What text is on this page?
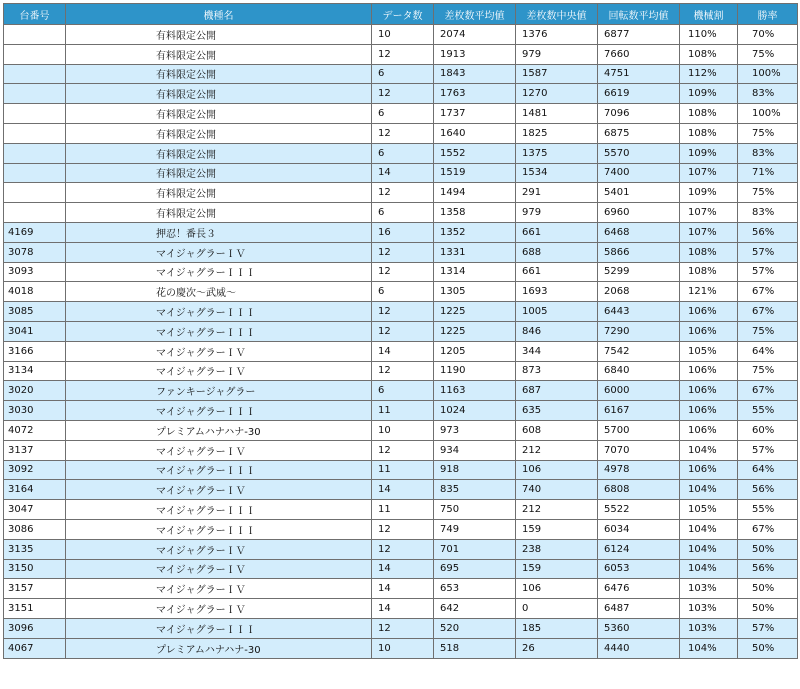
台番号	機種名	データ数	差枚数平均値	差枚数中央値	回転数平均値	機械割	勝率
	有料限定公開	10	2074	1376	6877	110%	70%
	有料限定公開	12	1913	979	7660	108%	75%
	有料限定公開	6	1843	1587	4751	112%	100%
	有料限定公開	12	1763	1270	6619	109%	83%
	有料限定公開	6	1737	1481	7096	108%	100%
	有料限定公開	12	1640	1825	6875	108%	75%
	有料限定公開	6	1552	1375	5570	109%	83%
	有料限定公開	14	1519	1534	7400	107%	71%
	有料限定公開	12	1494	291	5401	109%	75%
	有料限定公開	6	1358	979	6960	107%	83%
4169	押忍！番長３	16	1352	661	6468	107%	56%
3078	マイジャグラーＩＶ	12	1331	688	5866	108%	57%
3093	マイジャグラーＩＩＩ	12	1314	661	5299	108%	57%
4018	花の慶次～武威～	6	1305	1693	2068	121%	67%
3085	マイジャグラーＩＩＩ	12	1225	1005	6443	106%	67%
3041	マイジャグラーＩＩＩ	12	1225	846	7290	106%	75%
3166	マイジャグラーＩＶ	14	1205	344	7542	105%	64%
3134	マイジャグラーＩＶ	12	1190	873	6840	106%	75%
3020	ファンキージャグラー	6	1163	687	6000	106%	67%
3030	マイジャグラーＩＩＩ	11	1024	635	6167	106%	55%
4072	プレミアムハナハナ-30	10	973	608	5700	106%	60%
3137	マイジャグラーＩＶ	12	934	212	7070	104%	57%
3092	マイジャグラーＩＩＩ	11	918	106	4978	106%	64%
3164	マイジャグラーＩＶ	14	835	740	6808	104%	56%
3047	マイジャグラーＩＩＩ	11	750	212	5522	105%	55%
3086	マイジャグラーＩＩＩ	12	749	159	6034	104%	67%
3135	マイジャグラーＩＶ	12	701	238	6124	104%	50%
3150	マイジャグラーＩＶ	14	695	159	6053	104%	56%
3157	マイジャグラーＩＶ	14	653	106	6476	103%	50%
3151	マイジャグラーＩＶ	14	642	0	6487	103%	50%
3096	マイジャグラーＩＩＩ	12	520	185	5360	103%	57%
4067	プレミアムハナハナ-30	10	518	26	4440	104%	50%
